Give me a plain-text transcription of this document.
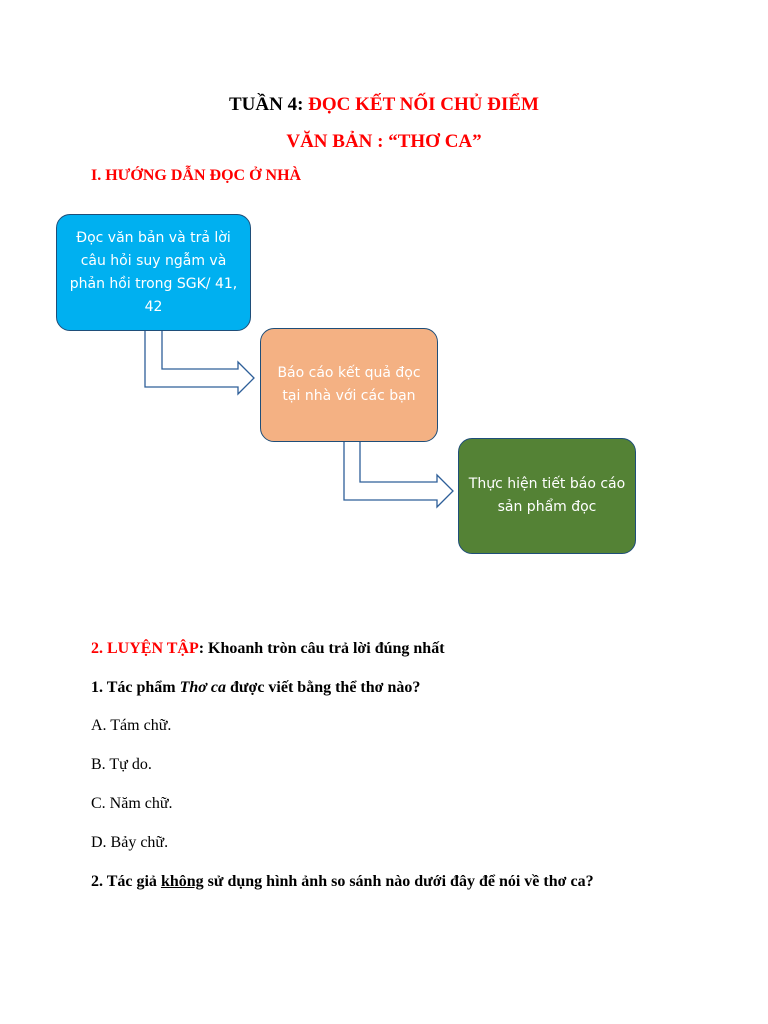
TUẦN 4: ĐỌC KẾT NỐI CHỦ ĐIỂM
VĂN BẢN : “THƠ CA”
I. HƯỚNG DẪN ĐỌC Ở NHÀ
Đọc văn bản và trả lời câu hỏi suy ngẫm và phản hồi trong SGK/ 41, 42
Báo cáo kết quả đọc tại nhà với các bạn
Thực hiện tiết báo cáo sản phẩm đọc
2. LUYỆN TẬP: Khoanh tròn câu trả lời đúng nhất
1. Tác phẩm Thơ ca được viết bằng thể thơ nào?
A. Tám chữ.
B. Tự do.
C. Năm chữ.
D. Bảy chữ.
2. Tác giả không sử dụng hình ảnh so sánh nào dưới đây để nói về thơ ca?
